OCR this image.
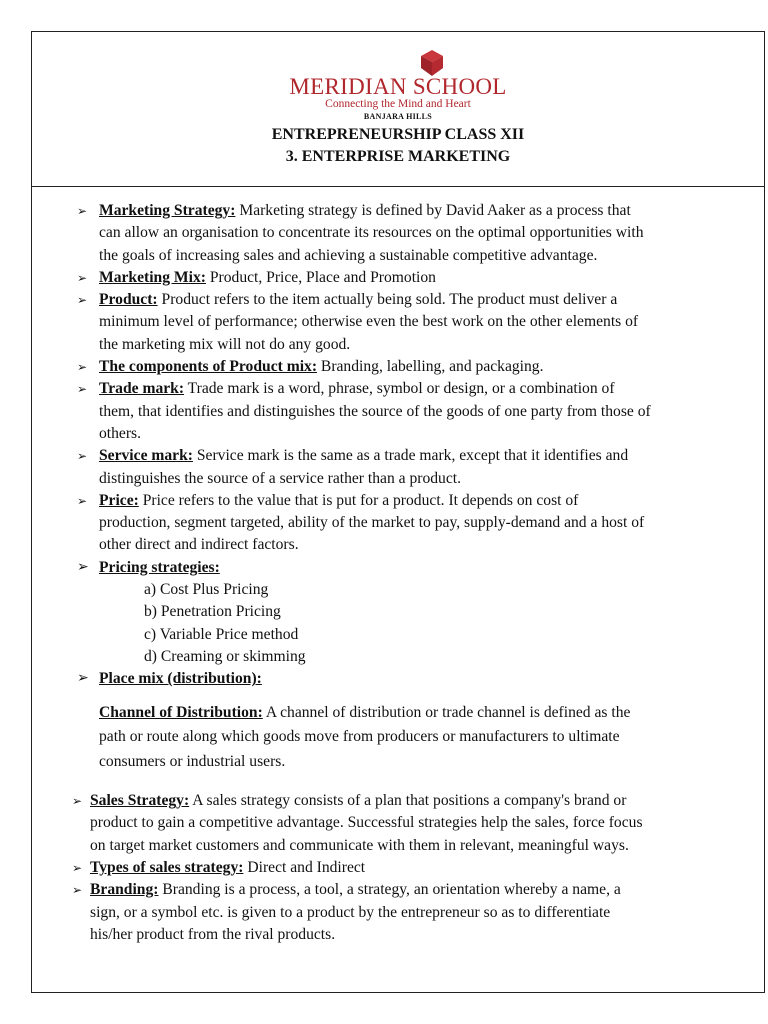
MERIDIAN SCHOOL
Connecting the Mind and Heart
BANJARA HILLS
ENTREPRENEURSHIP CLASS XII
3. ENTERPRISE MARKETING
➢ Marketing Strategy: Marketing strategy is defined by David Aaker as a process that
can allow an organisation to concentrate its resources on the optimal opportunities with
the goals of increasing sales and achieving a sustainable competitive advantage.
➢ Marketing Mix: Product, Price, Place and Promotion
➢ Product: Product refers to the item actually being sold. The product must deliver a
minimum level of performance; otherwise even the best work on the other elements of
the marketing mix will not do any good.
➢ The components of Product mix: Branding, labelling, and packaging.
➢ Trade mark: Trade mark is a word, phrase, symbol or design, or a combination of
them, that identifies and distinguishes the source of the goods of one party from those of
others.
➢ Service mark: Service mark is the same as a trade mark, except that it identifies and
distinguishes the source of a service rather than a product.
➢ Price: Price refers to the value that is put for a product. It depends on cost of
production, segment targeted, ability of the market to pay, supply-demand and a host of
other direct and indirect factors.
➢ Pricing strategies:
a) Cost Plus Pricing
b) Penetration Pricing
c) Variable Price method
d) Creaming or skimming
➢ Place mix (distribution):
Channel of Distribution: A channel of distribution or trade channel is defined as the
path or route along which goods move from producers or manufacturers to ultimate
consumers or industrial users.
➢ Sales Strategy: A sales strategy consists of a plan that positions a company's brand or
product to gain a competitive advantage. Successful strategies help the sales, force focus
on target market customers and communicate with them in relevant, meaningful ways.
➢ Types of sales strategy: Direct and Indirect
➢ Branding: Branding is a process, a tool, a strategy, an orientation whereby a name, a
sign, or a symbol etc. is given to a product by the entrepreneur so as to differentiate
his/her product from the rival products.
